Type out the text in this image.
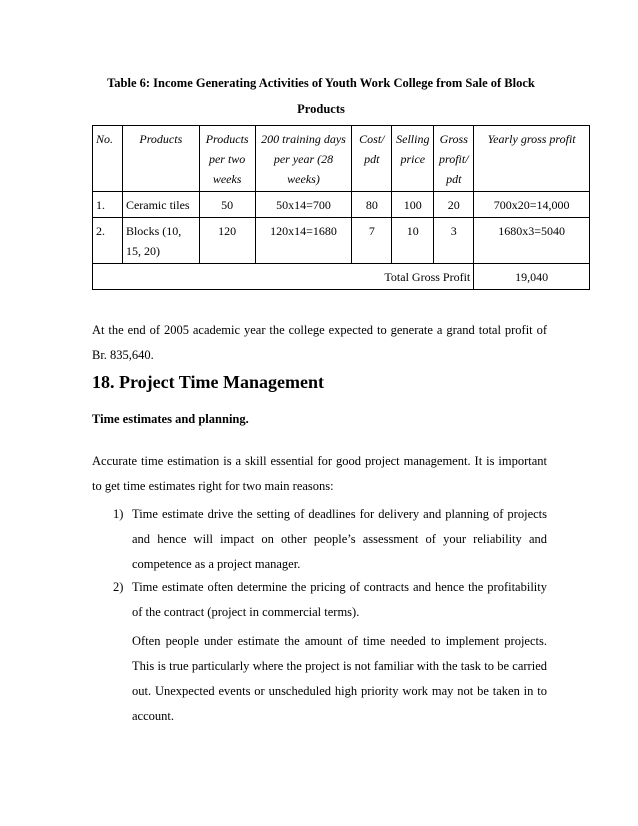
Table 6: Income Generating Activities of Youth Work College from Sale of Block
Products
No.	Products	Products per two weeks	200 training days per year (28 weeks)	Cost/ pdt	Selling price	Gross profit/ pdt	Yearly gross profit
1.	Ceramic tiles	50	50x14=700	80	100	20	700x20=14,000
2.	Blocks (10, 15, 20)	120	120x14=1680	7	10	3	1680x3=5040
Total Gross Profit							19,040
At the end of 2005 academic year the college expected to generate a grand total profit of Br. 835,640.
18. Project Time Management
Time estimates and planning.
Accurate time estimation is a skill essential for good project management. It is important to get time estimates right for two main reasons:
1) Time estimate drive the setting of deadlines for delivery and planning of projects and hence will impact on other people’s assessment of your reliability and competence as a project manager.
2) Time estimate often determine the pricing of contracts and hence the profitability of the contract (project in commercial terms).
Often people under estimate the amount of time needed to implement projects. This is true particularly where the project is not familiar with the task to be carried out. Unexpected events or unscheduled high priority work may not be taken in to account.
